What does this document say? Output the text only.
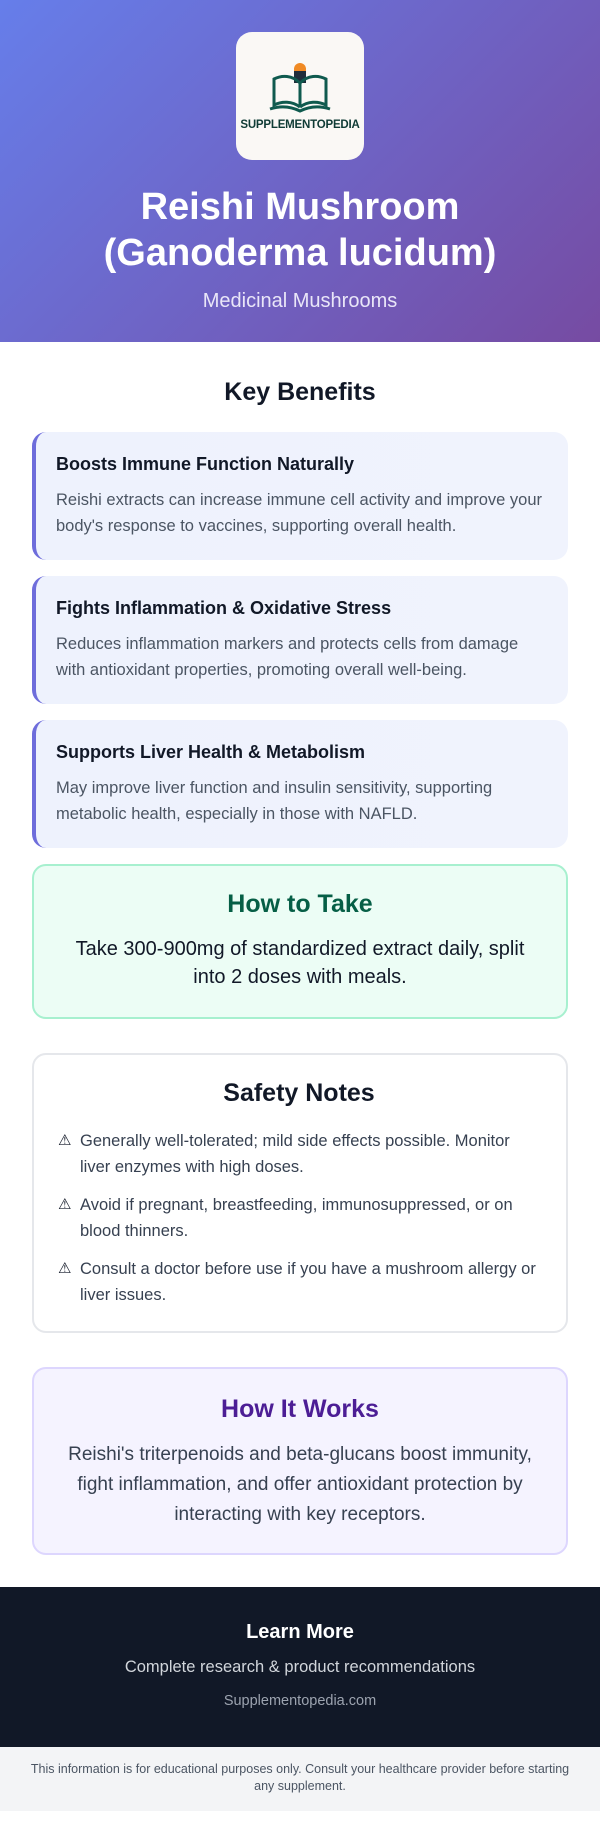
SUPPLEMENTOPEDIA
Reishi Mushroom
(Ganoderma lucidum)
Medicinal Mushrooms
Key Benefits
Boosts Immune Function Naturally

Reishi extracts can increase immune cell activity and improve your body's response to vaccines, supporting overall health.

Fights Inflammation & Oxidative Stress

Reduces inflammation markers and protects cells from damage with antioxidant properties, promoting overall well-being.

Supports Liver Health & Metabolism

May improve liver function and insulin sensitivity, supporting metabolic health, especially in those with NAFLD.

How to Take

Take 300-900mg of standardized extract daily, split into 2 doses with meals.

Safety Notes
⚠ Generally well-tolerated; mild side effects possible. Monitor liver enzymes with high doses.

⚠ Avoid if pregnant, breastfeeding, immunosuppressed, or on blood thinners.

⚠ Consult a doctor before use if you have a mushroom allergy or liver issues.

How It Works

Reishi's triterpenoids and beta-glucans boost immunity, fight inflammation, and offer antioxidant protection by interacting with key receptors.

Learn More
Complete research & product recommendations
Supplementopedia.com
This information is for educational purposes only. Consult your healthcare provider before starting any supplement.
